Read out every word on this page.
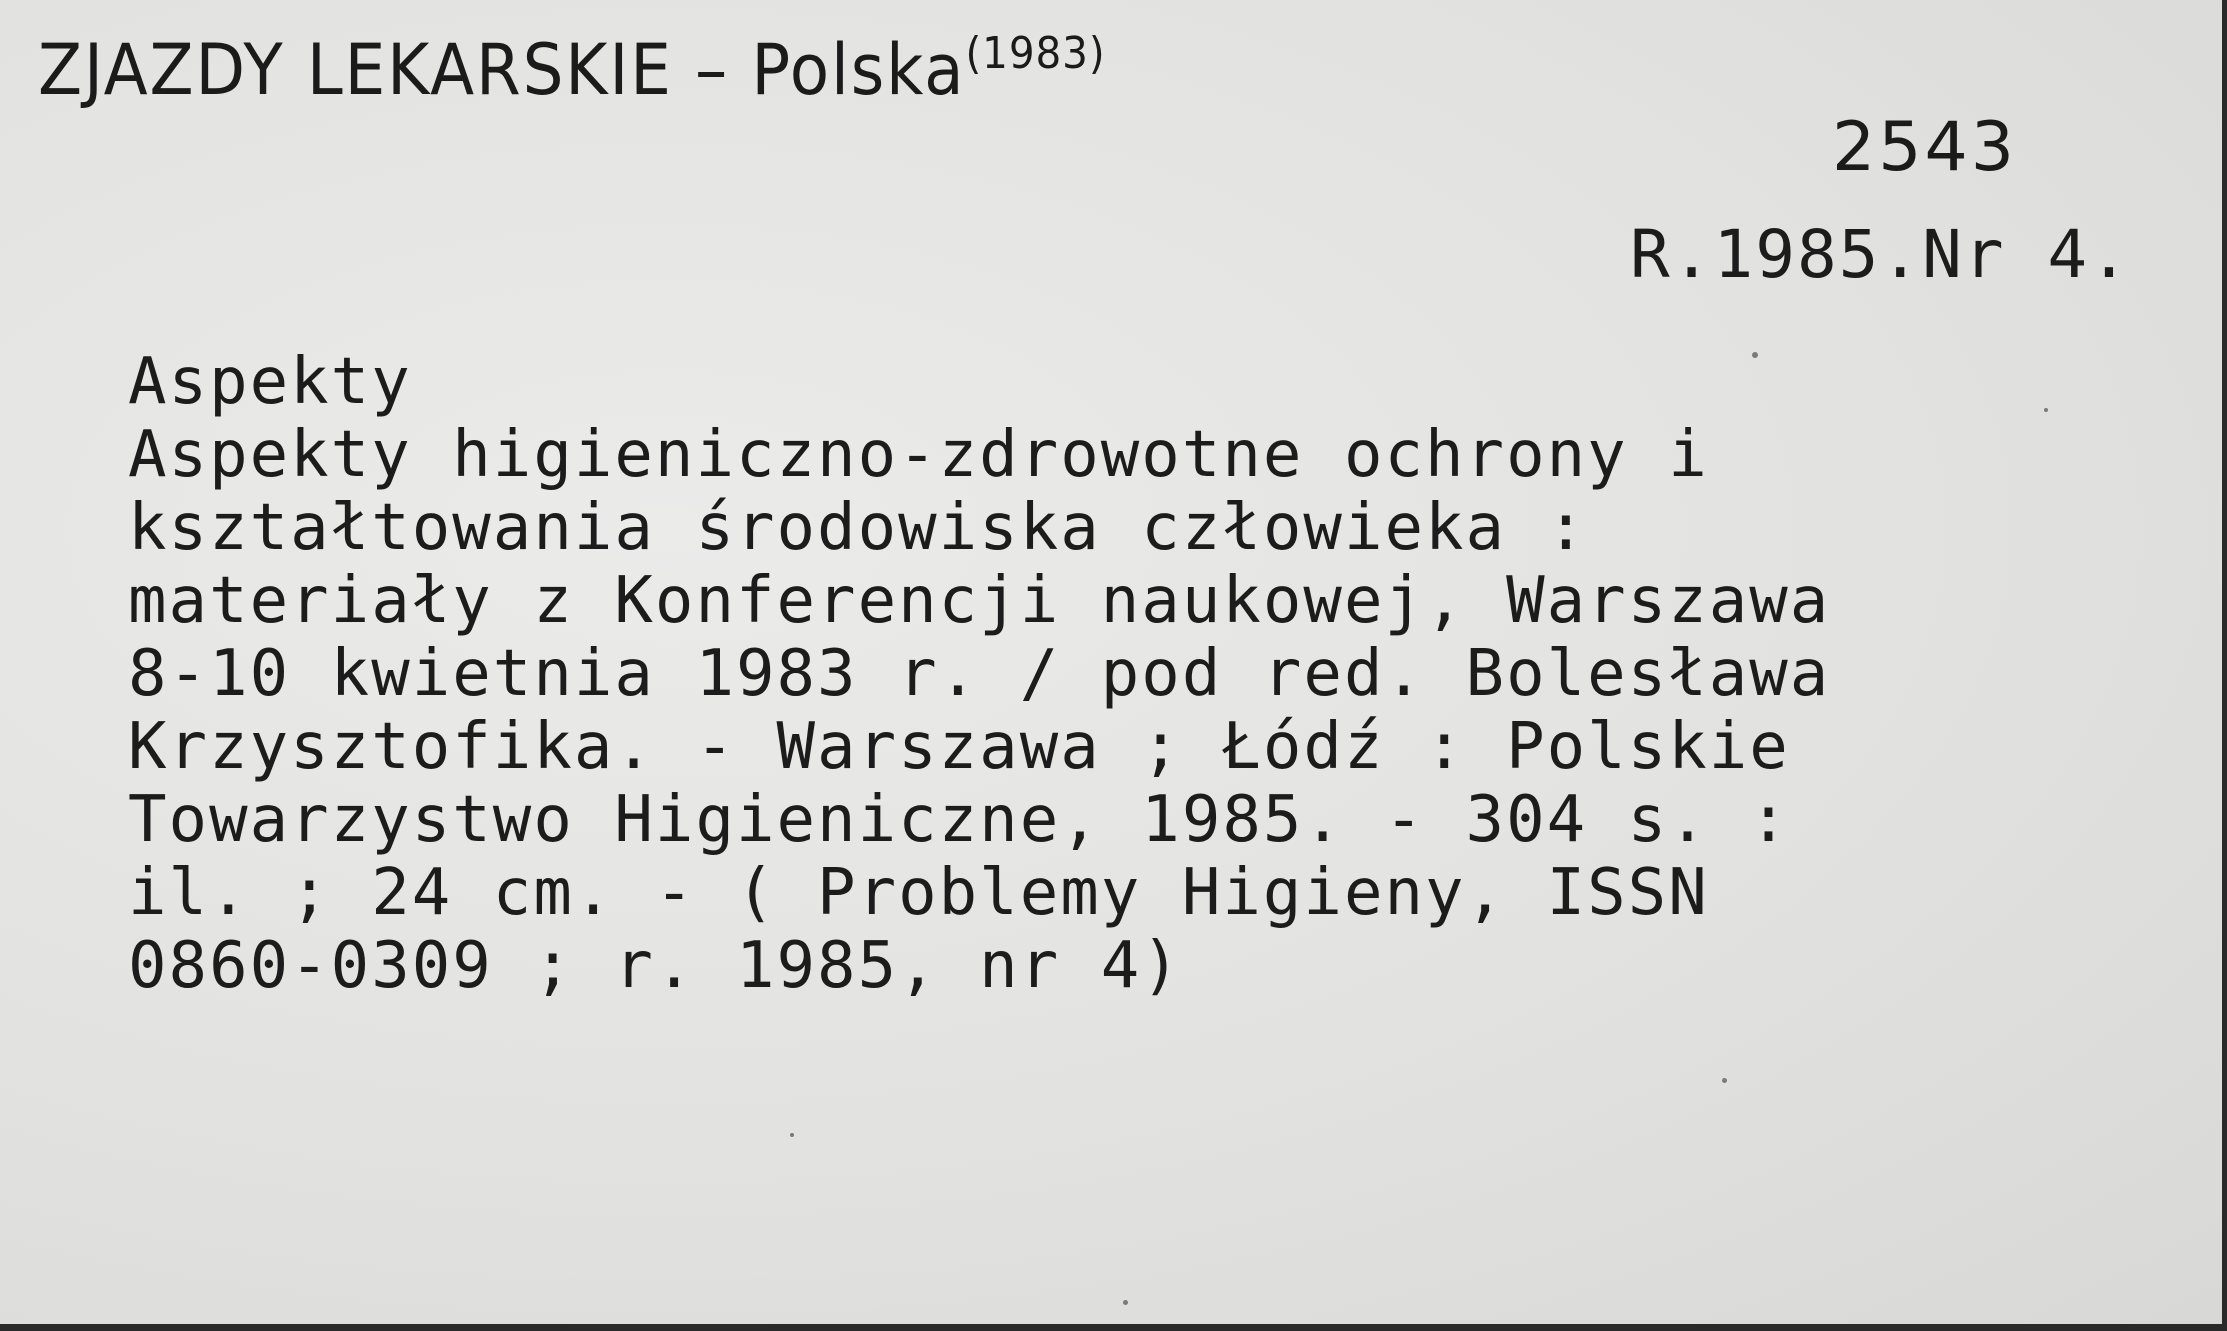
ZJAZDY LEKARSKIE – Polska$^{(1983)}$
2543
R.1985.Nr 4.
Aspekty
Aspekty higieniczno-zdrowotne ochrony i
kształtowania środowiska człowieka :
materiały z Konferencji naukowej, Warszawa
8-10 kwietnia 1983 r. / pod red. Bolesława
Krzysztofika. - Warszawa ; Łódź : Polskie
Towarzystwo Higieniczne, 1985. - 304 s. :
il. ; 24 cm. - ( Problemy Higieny, ISSN
0860-0309 ; r. 1985, nr 4)
